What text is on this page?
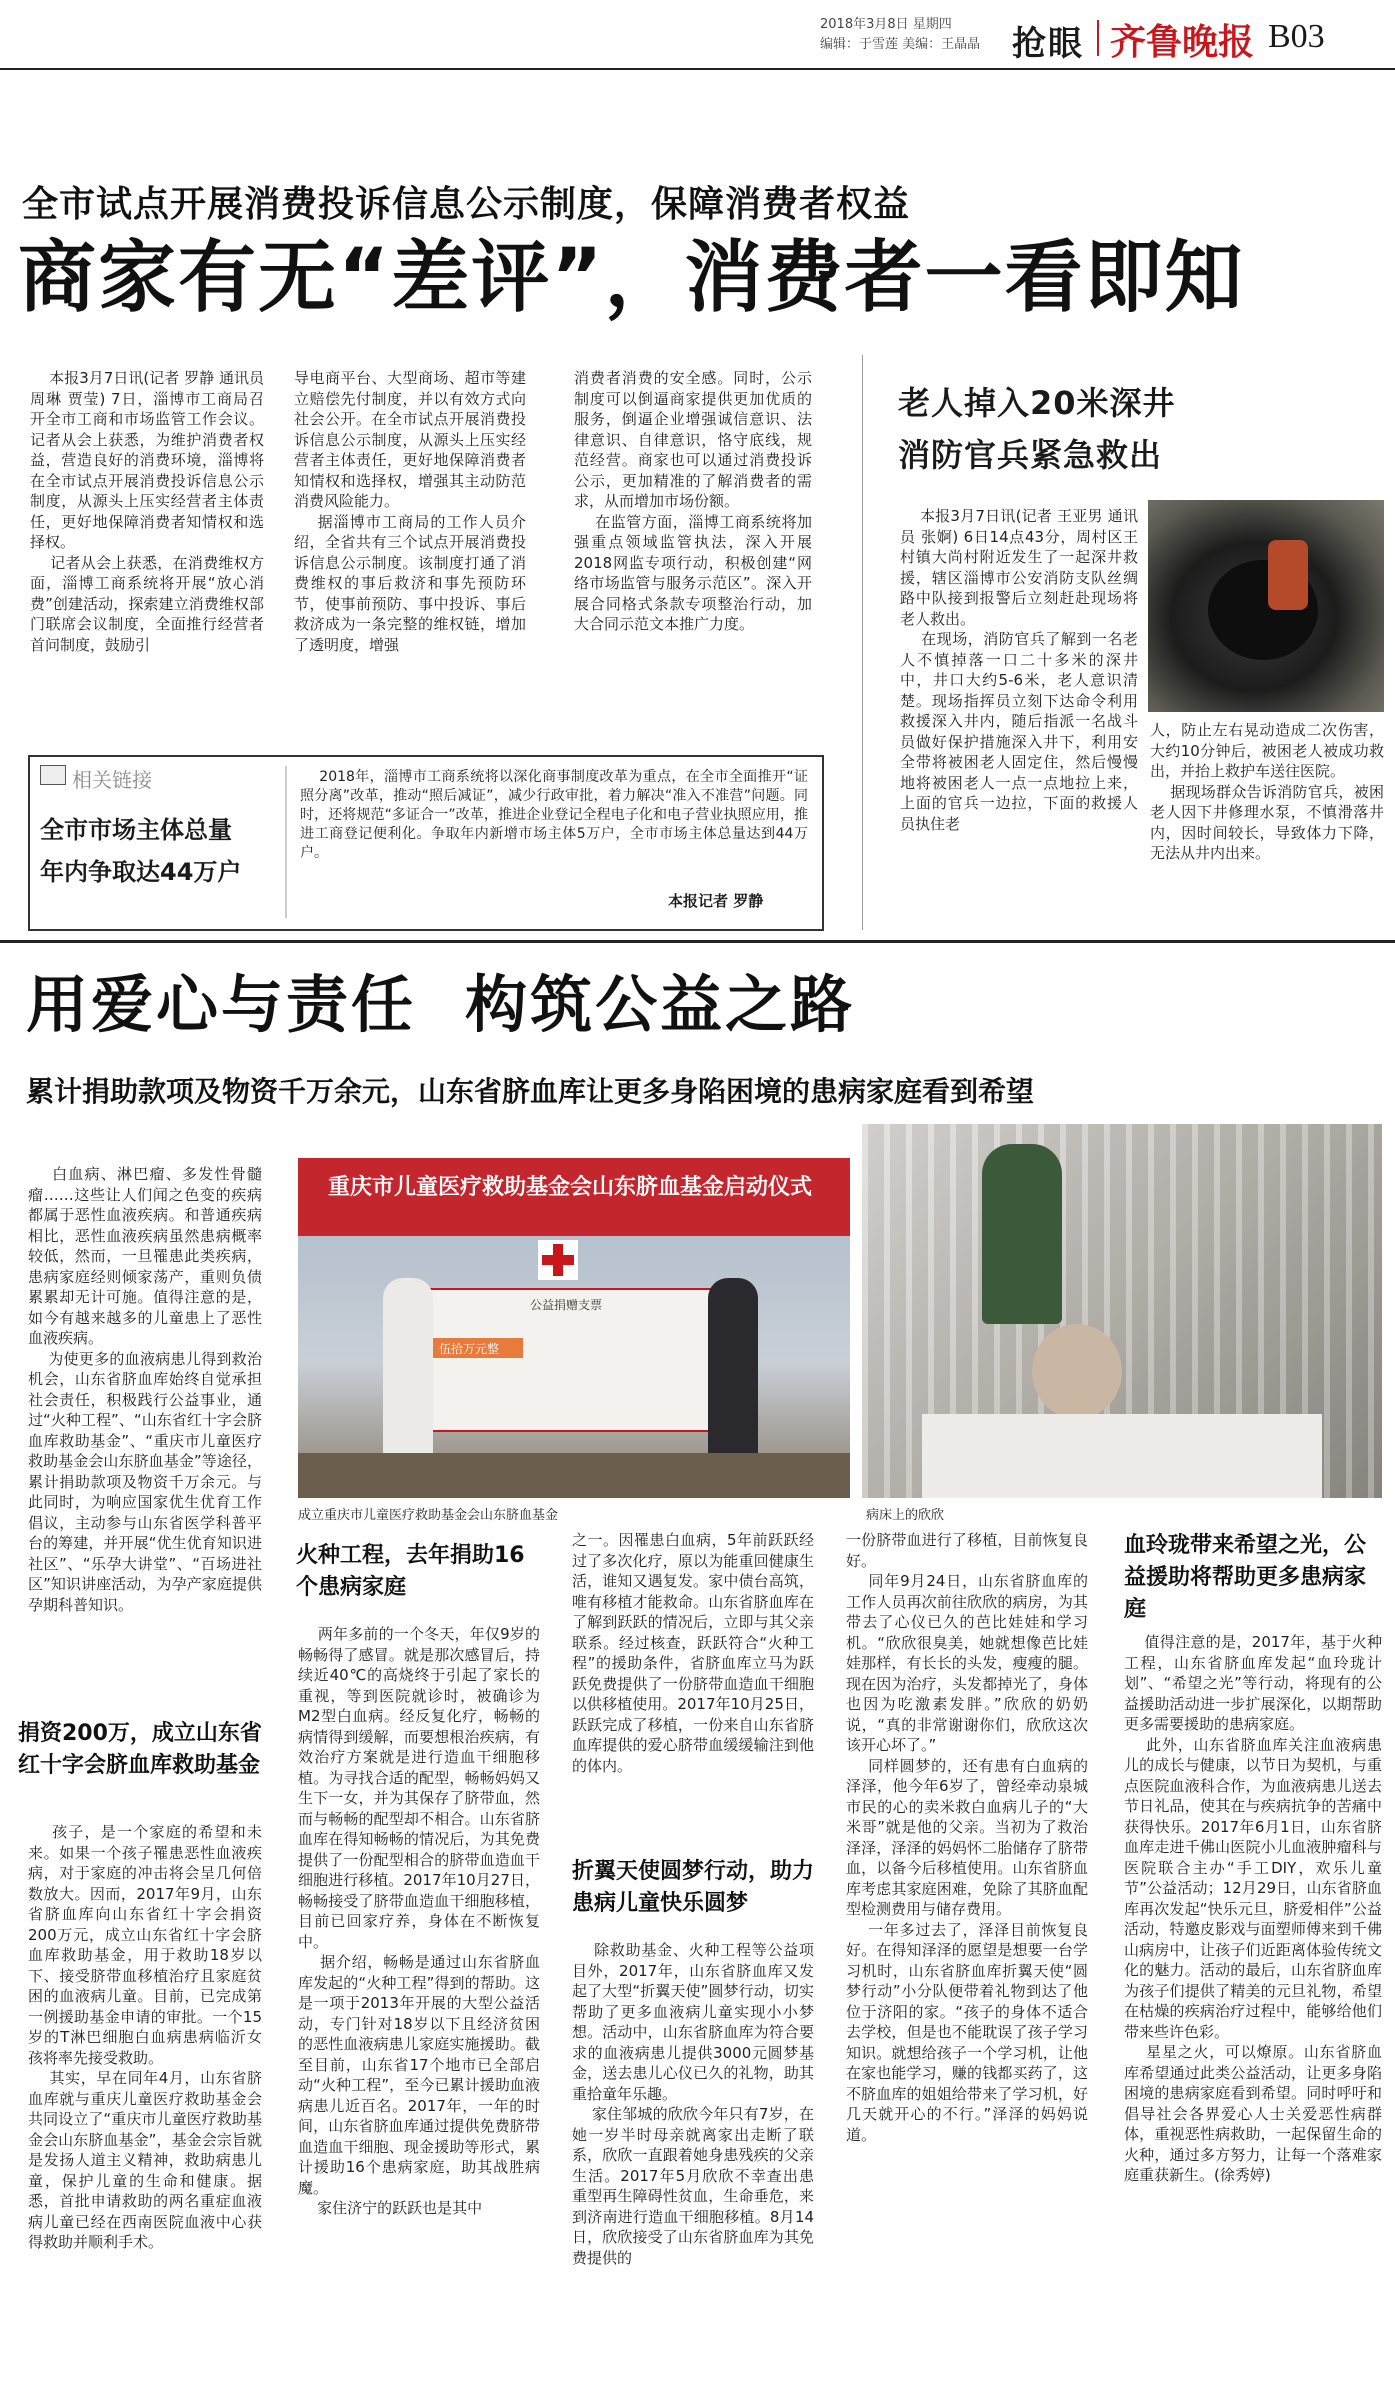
2018年3月8日 星期四
编辑：于雪莲 美编：王晶晶 抢眼 齐鲁晚报 B03
全市试点开展消费投诉信息公示制度，保障消费者权益
商家有无“差评”，消费者一看即知
本报3月7日讯(记者 罗静 通讯员 周琳 贾莹) 7日，淄博市工商局召开全市工商和市场监管工作会议。记者从会上获悉，为维护消费者权益，营造良好的消费环境，淄博将在全市试点开展消费投诉信息公示制度，从源头上压实经营者主体责任，更好地保障消费者知情权和选择权。
记者从会上获悉，在消费维权方面，淄博工商系统将开展“放心消费”创建活动，探索建立消费维权部门联席会议制度，全面推行经营者首问制度，鼓励引
导电商平台、大型商场、超市等建立赔偿先付制度，并以有效方式向社会公开。在全市试点开展消费投诉信息公示制度，从源头上压实经营者主体责任，更好地保障消费者知情权和选择权，增强其主动防范消费风险能力。
据淄博市工商局的工作人员介绍，全省共有三个试点开展消费投诉信息公示制度。该制度打通了消费维权的事后救济和事先预防环节，使事前预防、事中投诉、事后救济成为一条完整的维权链，增加了透明度，增强
消费者消费的安全感。同时，公示制度可以倒逼商家提供更加优质的服务，倒逼企业增强诚信意识、法律意识、自律意识，恪守底线，规范经营。商家也可以通过消费投诉公示，更加精准的了解消费者的需求，从而增加市场份额。
在监管方面，淄博工商系统将加强重点领域监管执法，深入开展2018网监专项行动，积极创建“网络市场监管与服务示范区”。深入开展合同格式条款专项整治行动，加大合同示范文本推广力度。
相关链接
全市市场主体总量
年内争取达44万户
2018年，淄博市工商系统将以深化商事制度改革为重点，在全市全面推开“证照分离”改革，推动“照后减证”，减少行政审批，着力解决“准入不准营”问题。同时，还将规范“多证合一”改革，推进企业登记全程电子化和电子营业执照应用，推进工商登记便利化。争取年内新增市场主体5万户，全市市场主体总量达到44万户。
本报记者 罗静
老人掉入20米深井
消防官兵紧急救出
本报3月7日讯(记者 王亚男 通讯员 张婀) 6日14点43分，周村区王村镇大尚村附近发生了一起深井救援，辖区淄博市公安消防支队丝绸路中队接到报警后立刻赶赴现场将老人救出。
在现场，消防官兵了解到一名老人不慎掉落一口二十多米的深井中，井口大约5-6米，老人意识清楚。现场指挥员立刻下达命令利用救援深入井内，随后指派一名战斗员做好保护措施深入井下，利用安全带将被困老人固定住，然后慢慢地将被困老人一点一点地拉上来，上面的官兵一边拉，下面的救援人员执住老
人，防止左右晃动造成二次伤害，大约10分钟后，被困老人被成功救出，并抬上救护车送往医院。
据现场群众告诉消防官兵，被困老人因下井修理水泵，不慎滑落井内，因时间较长，导致体力下降，无法从井内出来。
用爱心与责任  构筑公益之路
累计捐助款项及物资千万余元，山东省脐血库让更多身陷困境的患病家庭看到希望
重庆市儿童医疗救助基金会山东脐血基金启动仪式
公益捐赠支票
伍拾万元整
成立重庆市儿童医疗救助基金会山东脐血基金	病床上的欣欣
白血病、淋巴瘤、多发性骨髓瘤……这些让人们闻之色变的疾病都属于恶性血液疾病。和普通疾病相比，恶性血液疾病虽然患病概率较低，然而，一旦罹患此类疾病，患病家庭经则倾家荡产，重则负债累累却无计可施。值得注意的是，如今有越来越多的儿童患上了恶性血液疾病。
为使更多的血液病患儿得到救治机会，山东省脐血库始终自觉承担社会责任，积极践行公益事业，通过“火种工程”、“山东省红十字会脐血库救助基金”、“重庆市儿童医疗救助基金会山东脐血基金”等途径，累计捐助款项及物资千万余元。与此同时，为响应国家优生优育工作倡议，主动参与山东省医学科普平台的筹建，并开展“优生优育知识进社区”、“乐孕大讲堂”、“百场进社区”知识讲座活动，为孕产家庭提供孕期科普知识。
捐资200万，成立山东省红十字会脐血库救助基金
孩子，是一个家庭的希望和未来。如果一个孩子罹患恶性血液疾病，对于家庭的冲击将会呈几何倍数放大。因而，2017年9月，山东省脐血库向山东省红十字会捐资200万元，成立山东省红十字会脐血库救助基金，用于救助18岁以下、接受脐带血移植治疗且家庭贫困的血液病儿童。目前，已完成第一例援助基金申请的审批。一个15岁的T淋巴细胞白血病患病临沂女孩将率先接受救助。
其实，早在同年4月，山东省脐血库就与重庆儿童医疗救助基金会共同设立了“重庆市儿童医疗救助基金会山东脐血基金”，基金会宗旨就是发扬人道主义精神，救助病患儿童，保护儿童的生命和健康。据悉，首批申请救助的两名重症血液病儿童已经在西南医院血液中心获得救助并顺利手术。
火种工程，去年捐助16个患病家庭
两年多前的一个冬天，年仅9岁的畅畅得了感冒。就是那次感冒后，持续近40℃的高烧终于引起了家长的重视，等到医院就诊时，被确诊为M2型白血病。经反复化疗，畅畅的病情得到缓解，而要想根治疾病，有效治疗方案就是进行造血干细胞移植。为寻找合适的配型，畅畅妈妈又生下一女，并为其保存了脐带血，然而与畅畅的配型却不相合。山东省脐血库在得知畅畅的情况后，为其免费提供了一份配型相合的脐带血造血干细胞进行移植。2017年10月27日，畅畅接受了脐带血造血干细胞移植，目前已回家疗养，身体在不断恢复中。
据介绍，畅畅是通过山东省脐血库发起的“火种工程”得到的帮助。这是一项于2013年开展的大型公益活动，专门针对18岁以下且经济贫困的恶性血液病患儿家庭实施援助。截至目前，山东省17个地市已全部启动“火种工程”，至今已累计援助血液病患儿近百名。2017年，一年的时间，山东省脐血库通过提供免费脐带血造血干细胞、现金援助等形式，累计援助16个患病家庭，助其战胜病魔。
家住济宁的跃跃也是其中
之一。因罹患白血病，5年前跃跃经过了多次化疗，原以为能重回健康生活，谁知又遇复发。家中债台高筑，唯有移植才能救命。山东省脐血库在了解到跃跃的情况后，立即与其父亲联系。经过核查，跃跃符合“火种工程”的援助条件，省脐血库立马为跃跃免费提供了一份脐带血造血干细胞以供移植使用。2017年10月25日，跃跃完成了移植，一份来自山东省脐血库提供的爱心脐带血缓缓输注到他的体内。
折翼天使圆梦行动，助力患病儿童快乐圆梦
除救助基金、火种工程等公益项目外，2017年，山东省脐血库又发起了大型“折翼天使”圆梦行动，切实帮助了更多血液病儿童实现小小梦想。活动中，山东省脐血库为符合要求的血液病患儿提供3000元圆梦基金，送去患儿心仪已久的礼物，助其重拾童年乐趣。
家住邹城的欣欣今年只有7岁，在她一岁半时母亲就离家出走断了联系，欣欣一直跟着她身患残疾的父亲生活。2017年5月欣欣不幸查出患重型再生障碍性贫血，生命垂危，来到济南进行造血干细胞移植。8月14日，欣欣接受了山东省脐血库为其免费提供的
一份脐带血进行了移植，目前恢复良好。
同年9月24日，山东省脐血库的工作人员再次前往欣欣的病房，为其带去了心仪已久的芭比娃娃和学习机。“欣欣很臭美，她就想像芭比娃娃那样，有长长的头发，瘦瘦的腿。现在因为治疗，头发都掉光了，身体也因为吃激素发胖。”欣欣的奶奶说，“真的非常谢谢你们，欣欣这次该开心坏了。”
同样圆梦的，还有患有白血病的泽泽，他今年6岁了，曾经牵动泉城市民的心的卖米救白血病儿子的“大米哥”就是他的父亲。当初为了救治泽泽，泽泽的妈妈怀二胎储存了脐带血，以备今后移植使用。山东省脐血库考虑其家庭困难，免除了其脐血配型检测费用与储存费用。
一年多过去了，泽泽目前恢复良好。在得知泽泽的愿望是想要一台学习机时，山东省脐血库折翼天使“圆梦行动”小分队便带着礼物到达了他位于济阳的家。“孩子的身体不适合去学校，但是也不能耽误了孩子学习知识。就想给孩子一个学习机，让他在家也能学习，赚的钱都买药了，这不脐血库的姐姐给带来了学习机，好几天就开心的不行。”泽泽的妈妈说道。
血玲珑带来希望之光，公益援助将帮助更多患病家庭
值得注意的是，2017年，基于火种工程，山东省脐血库发起“血玲珑计划”、“希望之光”等行动，将现有的公益援助活动进一步扩展深化，以期帮助更多需要援助的患病家庭。
此外，山东省脐血库关注血液病患儿的成长与健康，以节日为契机，与重点医院血液科合作，为血液病患儿送去节日礼品，使其在与疾病抗争的苦痛中获得快乐。2017年6月1日，山东省脐血库走进千佛山医院小儿血液肿瘤科与医院联合主办“手工DIY，欢乐儿童节”公益活动；12月29日，山东省脐血库再次发起“快乐元旦，脐爱相伴”公益活动，特邀皮影戏与面塑师傅来到千佛山病房中，让孩子们近距离体验传统文化的魅力。活动的最后，山东省脐血库为孩子们提供了精美的元旦礼物，希望在枯燥的疾病治疗过程中，能够给他们带来些许色彩。
星星之火，可以燎原。山东省脐血库希望通过此类公益活动，让更多身陷困境的患病家庭看到希望。同时呼吁和倡导社会各界爱心人士关爱恶性病群体，重视恶性病救助，一起保留生命的火种，通过多方努力，让每一个落难家庭重获新生。(徐秀婷)
